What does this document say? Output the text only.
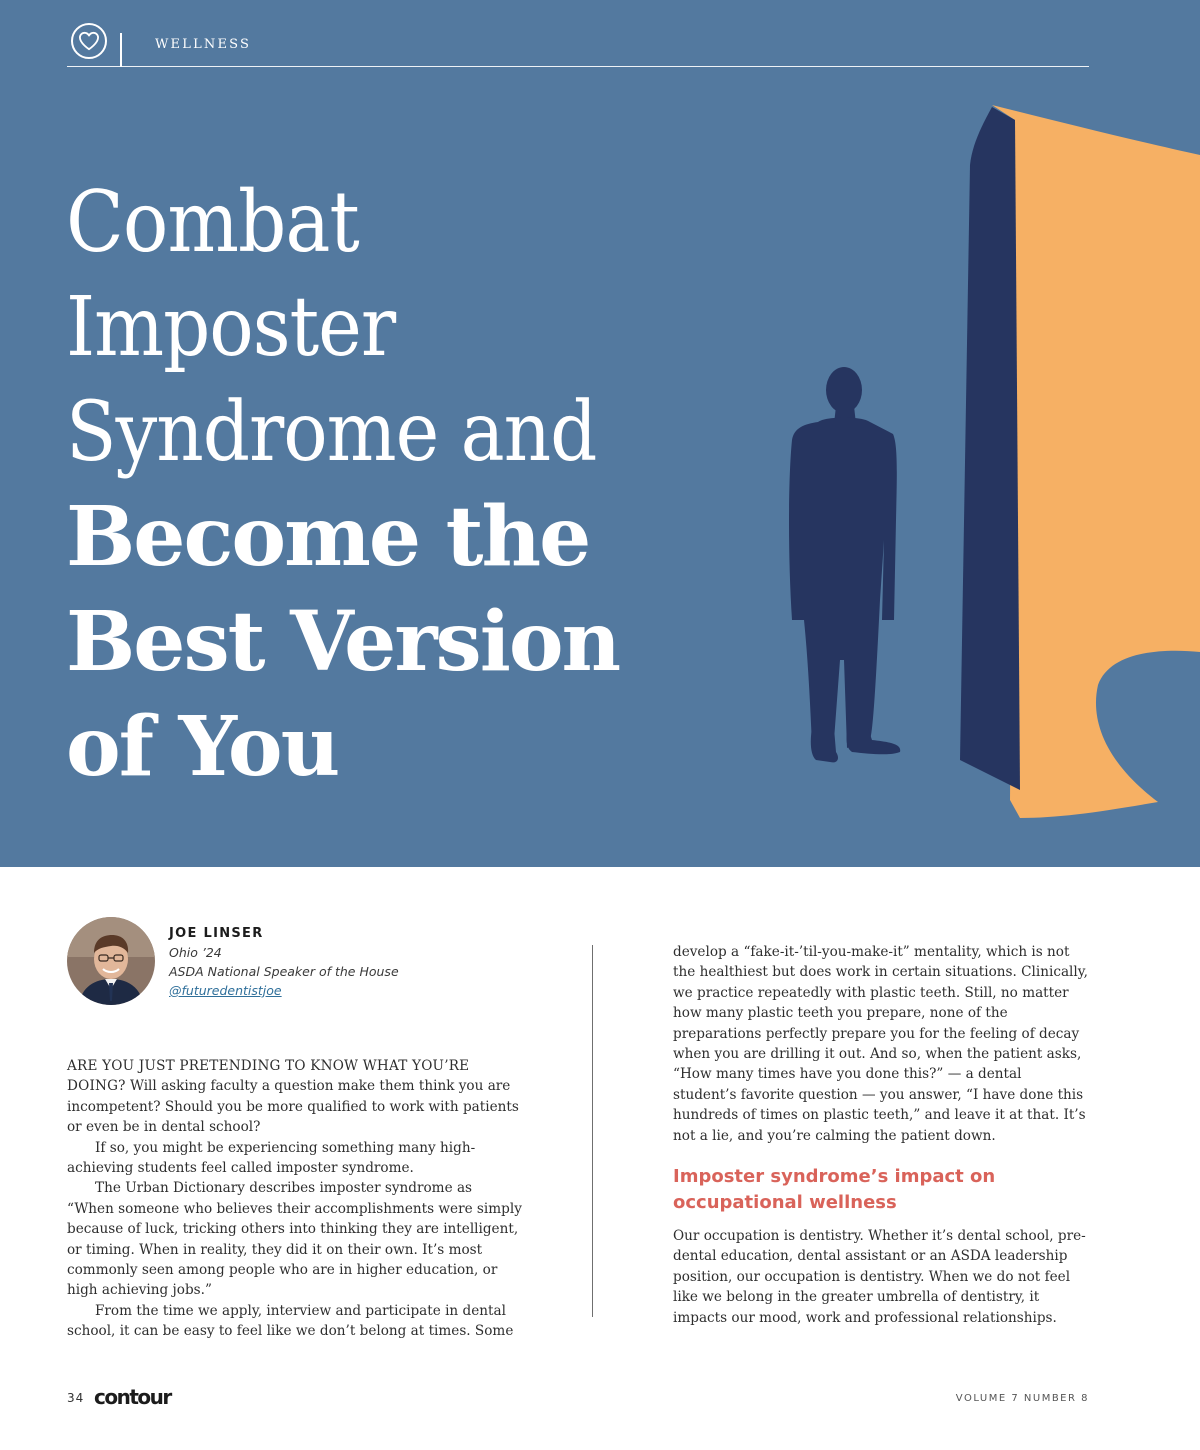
WELLNESS
Combat
Imposter
Syndrome and
Become the
Best Version
of You
JOE LINSER
Ohio ’24
ASDA National Speaker of the House
@futuredentistjoe

ARE YOU JUST PRETENDING TO KNOW WHAT YOU’RE DOING? Will asking faculty a question make them think you are incompetent? Should you be more qualified to work with patients or even be in dental school?

If so, you might be experiencing something many high-achieving students feel called imposter syndrome.

The Urban Dictionary describes imposter syndrome as “When someone who believes their accomplishments were simply because of luck, tricking others into thinking they are intelligent, or timing. When in reality, they did it on their own. It’s most commonly seen among people who are in higher education, or high achieving jobs.”

From the time we apply, interview and participate in dental school, it can be easy to feel like we don’t belong at times. Some

develop a “fake-it-’til-you-make-it” mentality, which is not the healthiest but does work in certain situations. Clinically, we practice repeatedly with plastic teeth. Still, no matter how many plastic teeth you prepare, none of the preparations perfectly prepare you for the feeling of decay when you are drilling it out. And so, when the patient asks, “How many times have you done this?” — a dental student’s favorite question — you answer, “I have done this hundreds of times on plastic teeth,” and leave it at that. It’s not a lie, and you’re calming the patient down.

Imposter syndrome’s impact on occupational wellness

Our occupation is dentistry. Whether it’s dental school, pre-dental education, dental assistant or an ASDA leadership position, our occupation is dentistry. When we do not feel like we belong in the greater umbrella of dentistry, it impacts our mood, work and professional relationships.

34 contour	VOLUME 7 NUMBER 8
